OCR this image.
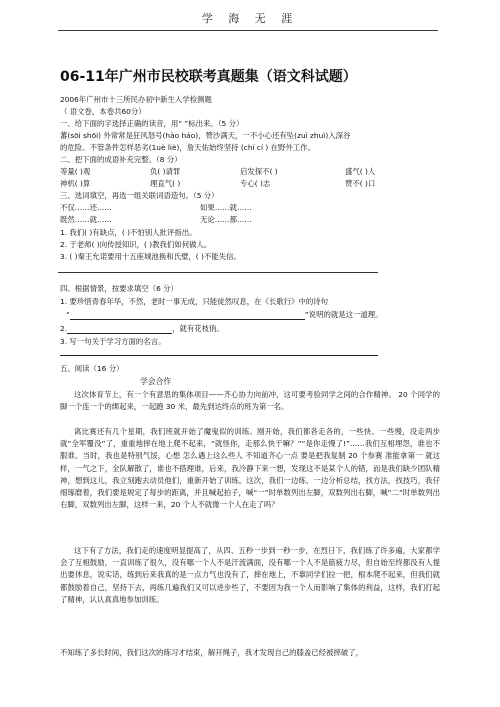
学 海 无 涯
06-11年广州市民校联考真题集（语文科试题）
2006年广州市十三所民办初中新生入学检测题
（ 语文卷，本卷共60分）
一、给下面的字选择正确的读音，用“ ”标出来。（5 分）
蕃(sōi shōi) 外常常是狂风怒号(hào háo)，赞沙满天，一不小心还有坠(zuì zhuì)入深谷
的危险。不管条件怎样恶劣(1uè liè)，詹天佑始终坚持 (chí cí ) 在野外工作。
二、把下面的成语补充完整。（8 分）
等量( )观	负( )请罪	启发探不( )	盛气( )人
神机( )算	理直气( )	专心( )志	赞不( )口
三、选词填空，再选一组关联词语造句。（5 分）
不仅……还……	如果……就……
既然……就……	无论……都……
1. 我们( )有缺点，( )不怕别人批评指出。
2. 于老师( )向传授知识，( )教我们如何做人。
3. ( )秦王允诺要用十五座城池换和氏璧，( )不能失信。
四、根据情景，按要求填空（6 分）
1. 要珍惜青春年华，不然，老时一事无成，只能徒然叹息，在《长歌行》中的诗句
“	”说明的就是这一道理。
2.	，就有花枝俏。
3. 写一句关于学习方面的名言。
五、阅读（16 分）
学会合作
这次体育节上，有一个有意思的集体项目——齐心协力向前冲，这可要考验同学之间的合作精神。 20 个同学的脚一个连一个的绑起来，一起跑 30 米，最先到达终点的班为第一名。
离比赛还有几个星期，我们班就开始了魔鬼似的训练。刚开始，我们都各走各的，一些快、一些慢，没走两步就“全军覆没”了，重重地摔在地上爬不起来，“就怪你，走那么快干嘛？”“是你走慢了!”……我们互相埋怨，谁也不服谁。当时，我也是特别气馁，心想 怎么遇上这么些人 不知道齐心一点 要是把我复制 20 个参赛 准能拿第一 就这样，一气之下，全队解散了，谁也不搭理谁，后来，我冷静下来一想，发现这不是某个人的错，而是我们缺少团队精神，想到这儿，我立刻跑去动员他们，重新开始了训练。这次，我们一边练、一边分析总结，找方法，找技巧，我仔细琢磨着，我们要是规定了每步的距离，并且喊起拍子，喊“一”时单数列出左脚，双数列出右脚，喊“二”时单数列出右脚，双数列出左脚，这样一来，20 个人不就像一个人在走了吗？
这下有了方法，我们走的速度明显提高了，从四、五秒一步到一秒一步，在烈日下，我们练了许多遍，大家都学会了互相鼓励，一直训练了很久，没有哪一个人不是汗流满面，没有哪一个人不是筋疲力尽，但自始至终都没有人提出要休息，说实话，练到后来我真的是一点力气也没有了，摔在地上，不靠同学们拉一把，根本爬不起来，但我们就都鼓励着自己，坚持下去，再练几遍我们又可以进步些了，不要因为我一个人而影响了集体的利益，这样，我们打起了精神，认认真真地参加训练。
不知练了多长时间，我们这次的练习才结束，解开绳子，我才发现自己的膝盖已经被摔破了，
